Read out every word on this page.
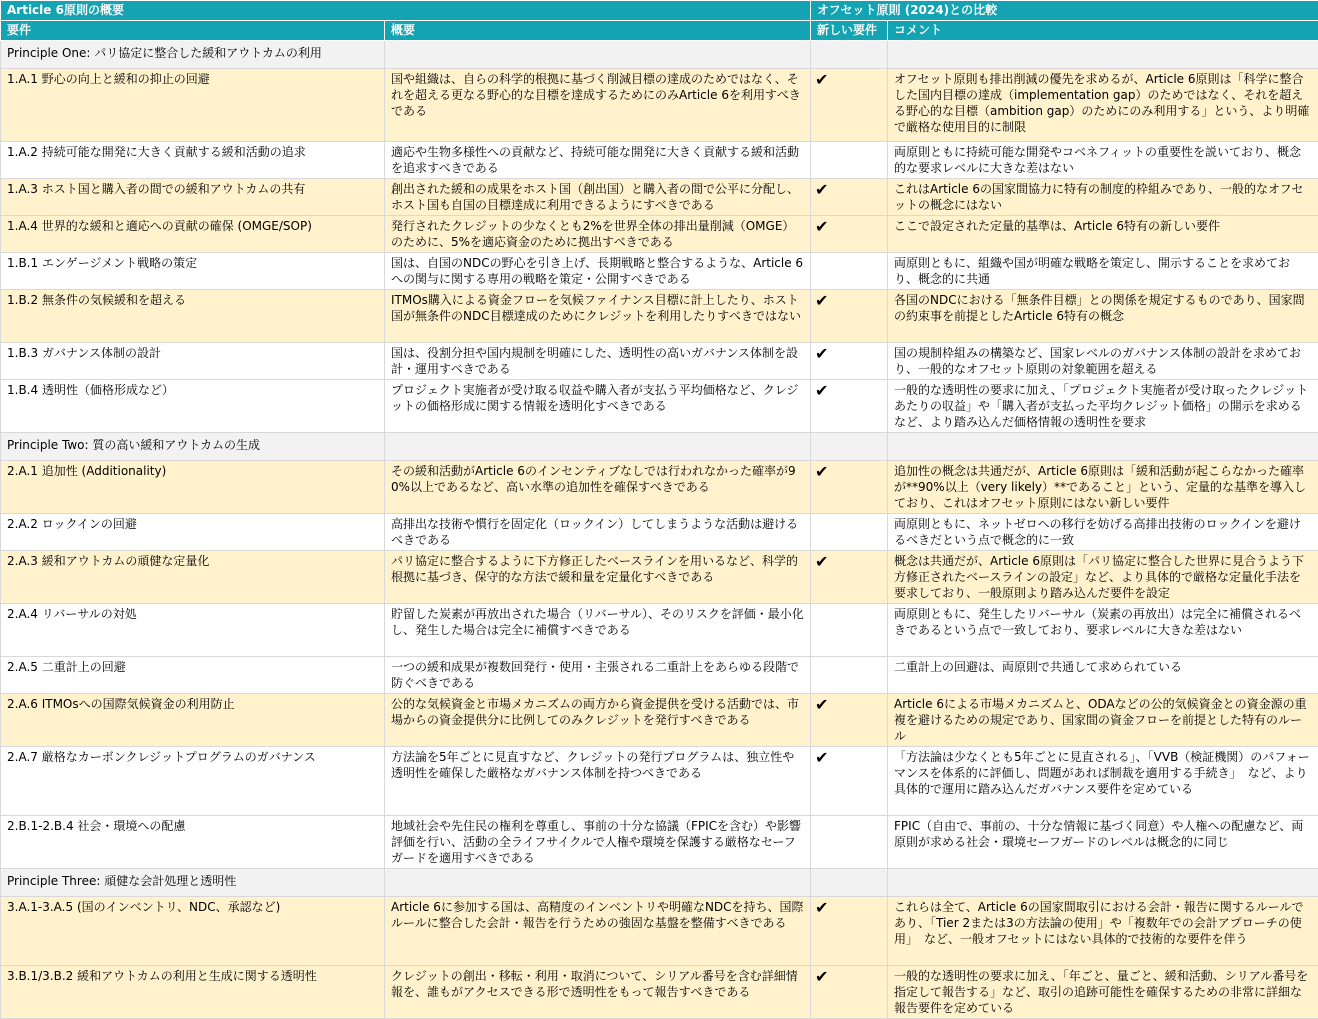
Article 6原則の概要		オフセット原則 (2024)との比較	
要件	概要	新しい要件	コメント
Principle One: パリ協定に整合した緩和アウトカムの利用			
1.A.1 野心の向上と緩和の抑止の回避	国や組織は、自らの科学的根拠に基づく削減目標の達成のためではなく、それを超える更なる野心的な目標を達成するためにのみArticle 6を利用すべきである	✔	オフセット原則も排出削減の優先を求めるが、Article 6原則は「科学に整合した国内目標の達成（implementation gap）のためではなく、それを超える野心的な目標（ambition gap）のためにのみ利用する」という、より明確で厳格な使用目的に制限
1.A.2 持続可能な開発に大きく貢献する緩和活動の追求	適応や生物多様性への貢献など、持続可能な開発に大きく貢献する緩和活動を追求すべきである		両原則ともに持続可能な開発やコベネフィットの重要性を説いており、概念的な要求レベルに大きな差はない
1.A.3 ホスト国と購入者の間での緩和アウトカムの共有	創出された緩和の成果をホスト国（創出国）と購入者の間で公平に分配し、ホスト国も自国の目標達成に利用できるようにすべきである	✔	これはArticle 6の国家間協力に特有の制度的枠組みであり、一般的なオフセットの概念にはない
1.A.4 世界的な緩和と適応への貢献の確保 (OMGE/SOP)	発行されたクレジットの少なくとも2%を世界全体の排出量削減（OMGE）のために、5%を適応資金のために拠出すべきである	✔	ここで設定された定量的基準は、Article 6特有の新しい要件
1.B.1 エンゲージメント戦略の策定	国は、自国のNDCの野心を引き上げ、長期戦略と整合するような、Article 6への関与に関する専用の戦略を策定・公開すべきである		両原則ともに、組織や国が明確な戦略を策定し、開示することを求めており、概念的に共通
1.B.2 無条件の気候緩和を超える	ITMOs購入による資金フローを気候ファイナンス目標に計上したり、ホスト国が無条件のNDC目標達成のためにクレジットを利用したりすべきではない	✔	各国のNDCにおける「無条件目標」との関係を規定するものであり、国家間の約束事を前提としたArticle 6特有の概念
1.B.3 ガバナンス体制の設計	国は、役割分担や国内規制を明確にした、透明性の高いガバナンス体制を設計・運用すべきである	✔	国の規制枠組みの構築など、国家レベルのガバナンス体制の設計を求めており、一般的なオフセット原則の対象範囲を超える
1.B.4 透明性（価格形成など）	プロジェクト実施者が受け取る収益や購入者が支払う平均価格など、クレジットの価格形成に関する情報を透明化すべきである	✔	一般的な透明性の要求に加え、「プロジェクト実施者が受け取ったクレジットあたりの収益」や「購入者が支払った平均クレジット価格」の開示を求めるなど、より踏み込んだ価格情報の透明性を要求
Principle Two: 質の高い緩和アウトカムの生成			
2.A.1 追加性 (Additionality)	その緩和活動がArticle 6のインセンティブなしでは行われなかった確率が90%以上であるなど、高い水準の追加性を確保すべきである	✔	追加性の概念は共通だが、Article 6原則は「緩和活動が起こらなかった確率が**90%以上（very likely）**であること」という、定量的な基準を導入しており、これはオフセット原則にはない新しい要件
2.A.2 ロックインの回避	高排出な技術や慣行を固定化（ロックイン）してしまうような活動は避けるべきである		両原則ともに、ネットゼロへの移行を妨げる高排出技術のロックインを避けるべきだという点で概念的に一致
2.A.3 緩和アウトカムの頑健な定量化	パリ協定に整合するように下方修正したベースラインを用いるなど、科学的根拠に基づき、保守的な方法で緩和量を定量化すべきである	✔	概念は共通だが、Article 6原則は「パリ協定に整合した世界に見合うよう下方修正されたベースラインの設定」など、より具体的で厳格な定量化手法を要求しており、一般原則より踏み込んだ要件を設定
2.A.4 リバーサルの対処	貯留した炭素が再放出された場合（リバーサル）、そのリスクを評価・最小化し、発生した場合は完全に補償すべきである		両原則ともに、発生したリバーサル（炭素の再放出）は完全に補償されるべきであるという点で一致しており、要求レベルに大きな差はない
2.A.5 二重計上の回避	一つの緩和成果が複数回発行・使用・主張される二重計上をあらゆる段階で防ぐべきである		二重計上の回避は、両原則で共通して求められている
2.A.6 ITMOsへの国際気候資金の利用防止	公的な気候資金と市場メカニズムの両方から資金提供を受ける活動では、市場からの資金提供分に比例してのみクレジットを発行すべきである	✔	Article 6による市場メカニズムと、ODAなどの公的気候資金との資金源の重複を避けるための規定であり、国家間の資金フローを前提とした特有のルール
2.A.7 厳格なカーボンクレジットプログラムのガバナンス	方法論を5年ごとに見直すなど、クレジットの発行プログラムは、独立性や透明性を確保した厳格なガバナンス体制を持つべきである	✔	「方法論は少なくとも5年ごとに見直される」、「VVB（検証機関）のパフォーマンスを体系的に評価し、問題があれば制裁を適用する手続き」　など、より具体的で運用に踏み込んだガバナンス要件を定めている
2.B.1-2.B.4 社会・環境への配慮	地域社会や先住民の権利を尊重し、事前の十分な協議（FPICを含む）や影響評価を行い、活動の全ライフサイクルで人権や環境を保護する厳格なセーフガードを適用すべきである		FPIC（自由で、事前の、十分な情報に基づく同意）や人権への配慮など、両原則が求める社会・環境セーフガードのレベルは概念的に同じ
Principle Three: 頑健な会計処理と透明性			
3.A.1-3.A.5 (国のインベントリ、NDC、承認など)	Article 6に参加する国は、高精度のインベントリや明確なNDCを持ち、国際ルールに整合した会計・報告を行うための強固な基盤を整備すべきである	✔	これらは全て、Article 6の国家間取引における会計・報告に関するルールであり、「Tier 2または3の方法論の使用」や「複数年での会計アプローチの使用」　など、一般オフセットにはない具体的で技術的な要件を伴う
3.B.1/3.B.2 緩和アウトカムの利用と生成に関する透明性	クレジットの創出・移転・利用・取消について、シリアル番号を含む詳細情報を、誰もがアクセスできる形で透明性をもって報告すべきである	✔	一般的な透明性の要求に加え、「年ごと、量ごと、緩和活動、シリアル番号を指定して報告する」など、取引の追跡可能性を確保するための非常に詳細な報告要件を定めている
